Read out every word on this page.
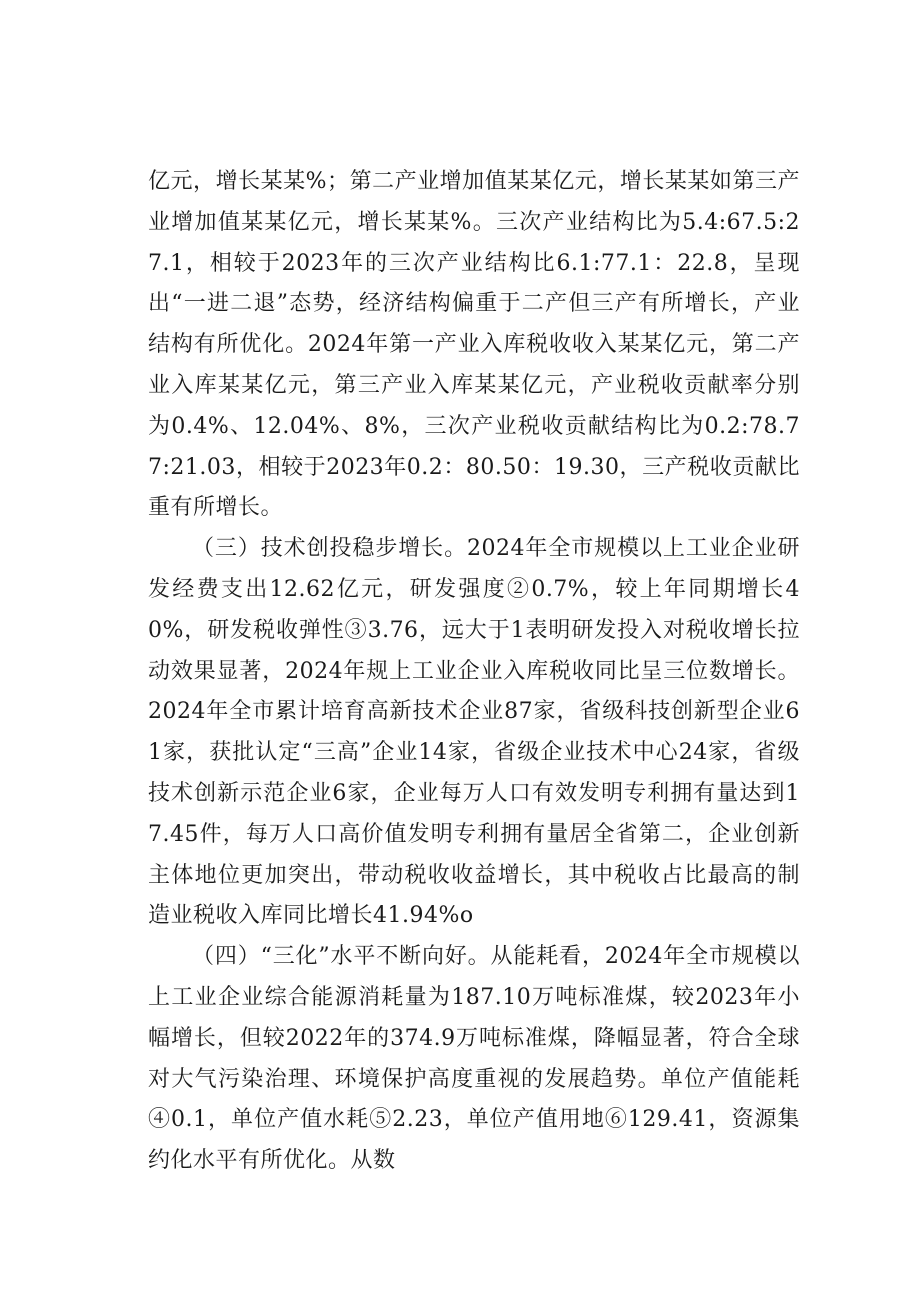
亿元，增长某某%；第二产业增加值某某亿元，增长某某如第三产业增加值某某亿元，增长某某%。三次产业结构比为5.4:67.5:27.1，相较于2023年的三次产业结构比6.1:77.1：22.8，呈现出“一进二退”态势，经济结构偏重于二产但三产有所增长，产业结构有所优化。2024年第一产业入库税收收入某某亿元，第二产业入库某某亿元，第三产业入库某某亿元，产业税收贡献率分别为0.4%、12.04%、8%，三次产业税收贡献结构比为0.2:78.77:21.03，相较于2023年0.2：80.50：19.30，三产税收贡献比重有所增长。

（三）技术创投稳步增长。2024年全市规模以上工业企业研发经费支出12.62亿元，研发强度②0.7%，较上年同期增长40%，研发税收弹性③3.76，远大于1表明研发投入对税收增长拉动效果显著，2024年规上工业企业入库税收同比呈三位数增长。2024年全市累计培育高新技术企业87家，省级科技创新型企业61家，获批认定“三高”企业14家，省级企业技术中心24家，省级技术创新示范企业6家，企业每万人口有效发明专利拥有量达到17.45件，每万人口高价值发明专利拥有量居全省第二，企业创新主体地位更加突出，带动税收收益增长，其中税收占比最高的制造业税收入库同比增长41.94%o

（四）“三化”水平不断向好。从能耗看，2024年全市规模以上工业企业综合能源消耗量为187.10万吨标准煤，较2023年小幅增长，但较2022年的374.9万吨标准煤，降幅显著，符合全球对大气污染治理、环境保护高度重视的发展趋势。单位产值能耗④0.1，单位产值水耗⑤2.23，单位产值用地⑥129.41，资源集约化水平有所优化。从数
